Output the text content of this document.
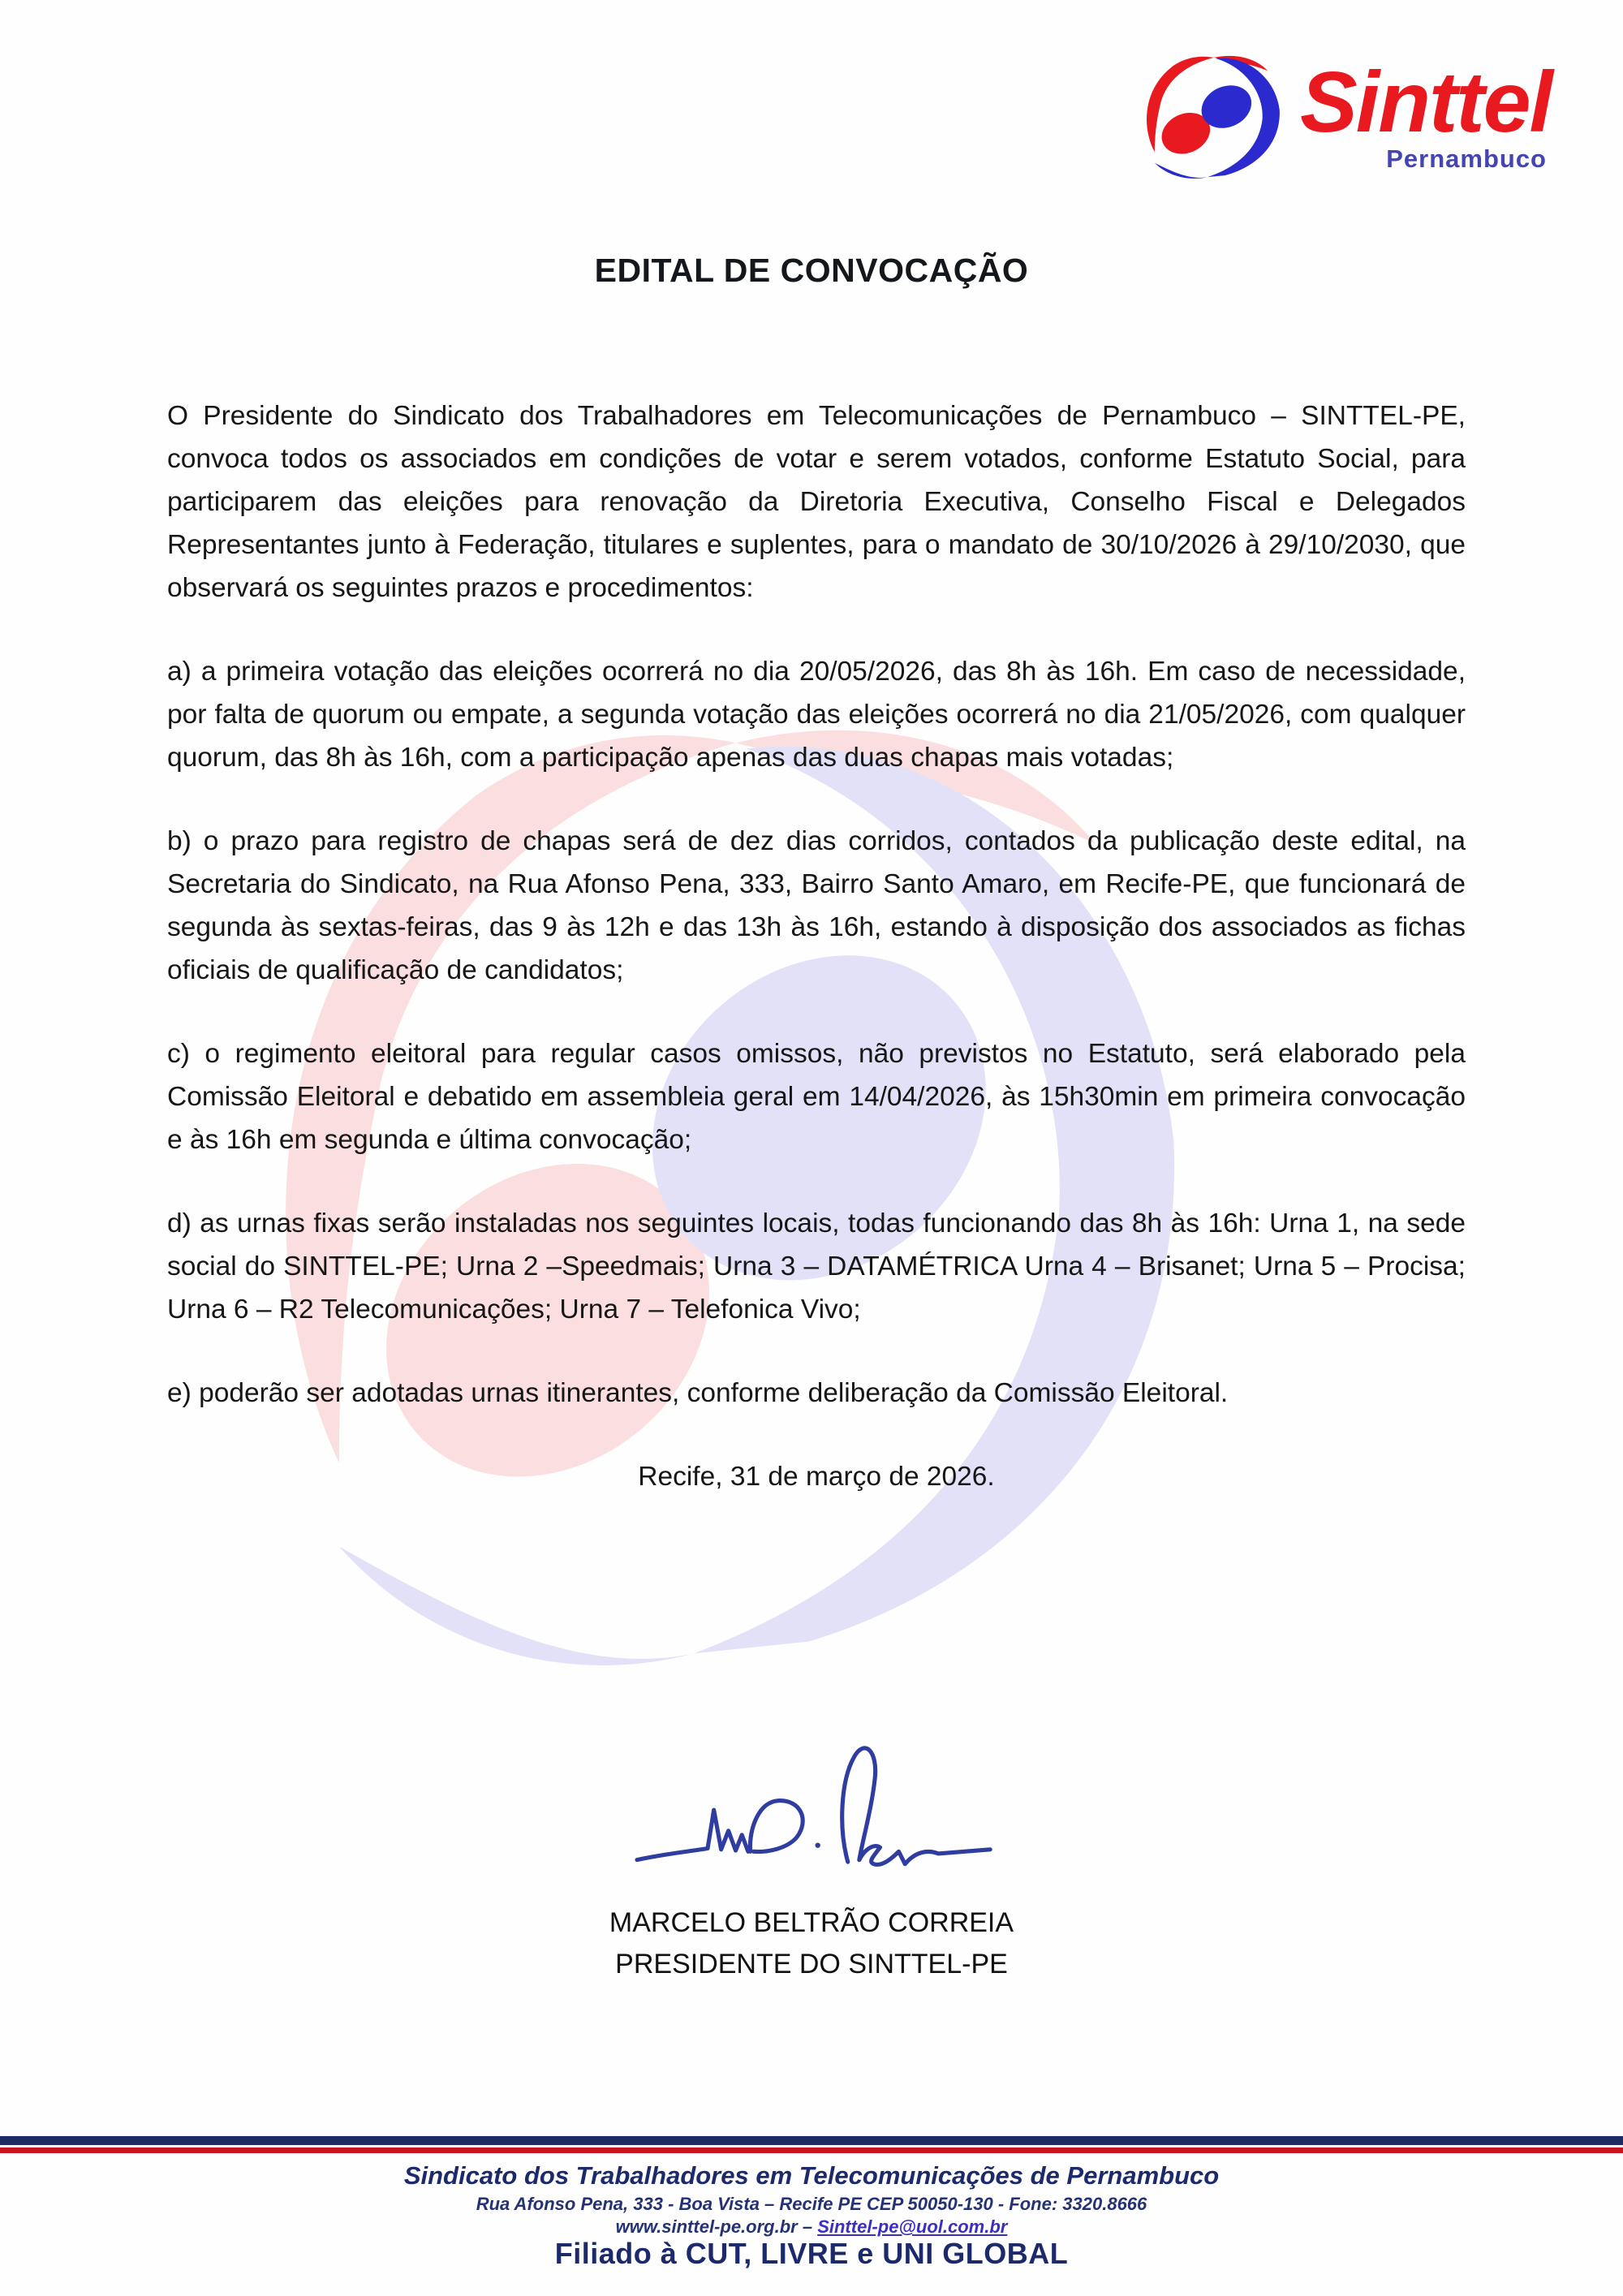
Sinttel
Pernambuco
EDITAL DE CONVOCAÇÃO

O Presidente do Sindicato dos Trabalhadores em Telecomunicações de Pernambuco – SINTTEL-PE, convoca todos os associados em condições de votar e serem votados, conforme Estatuto Social, para participarem das eleições para renovação da Diretoria Executiva, Conselho Fiscal e Delegados Representantes junto à Federação, titulares e suplentes, para o mandato de 30/10/2026 à 29/10/2030, que observará os seguintes prazos e procedimentos:

a) a primeira votação das eleições ocorrerá no dia 20/05/2026, das 8h às 16h. Em caso de necessidade, por falta de quorum ou empate, a segunda votação das eleições ocorrerá no dia 21/05/2026, com qualquer quorum, das 8h às 16h, com a participação apenas das duas chapas mais votadas;

b) o prazo para registro de chapas será de dez dias corridos, contados da publicação deste edital, na Secretaria do Sindicato, na Rua Afonso Pena, 333, Bairro Santo Amaro, em Recife-PE, que funcionará de segunda às sextas-feiras, das 9 às 12h e das 13h às 16h, estando à disposição dos associados as fichas oficiais de qualificação de candidatos;

c) o regimento eleitoral para regular casos omissos, não previstos no Estatuto, será elaborado pela Comissão Eleitoral e debatido em assembleia geral em 14/04/2026, às 15h30min em primeira convocação e às 16h em segunda e última convocação;

d) as urnas fixas serão instaladas nos seguintes locais, todas funcionando das 8h às 16h: Urna 1, na sede social do SINTTEL-PE; Urna 2 –Speedmais; Urna 3 – DATAMÉTRICA Urna 4 – Brisanet; Urna 5 – Procisa; Urna 6 – R2 Telecomunicações; Urna 7 – Telefonica Vivo;

e) poderão ser adotadas urnas itinerantes, conforme deliberação da Comissão Eleitoral.

Recife, 31 de março de 2026.

MARCELO BELTRÃO CORREIA
PRESIDENTE DO SINTTEL-PE
Sindicato dos Trabalhadores em Telecomunicações de Pernambuco
Rua Afonso Pena, 333 - Boa Vista – Recife PE CEP 50050-130 - Fone: 3320.8666
www.sinttel-pe.org.br – Sinttel-pe@uol.com.br
Filiado à CUT, LIVRE e UNI GLOBAL
